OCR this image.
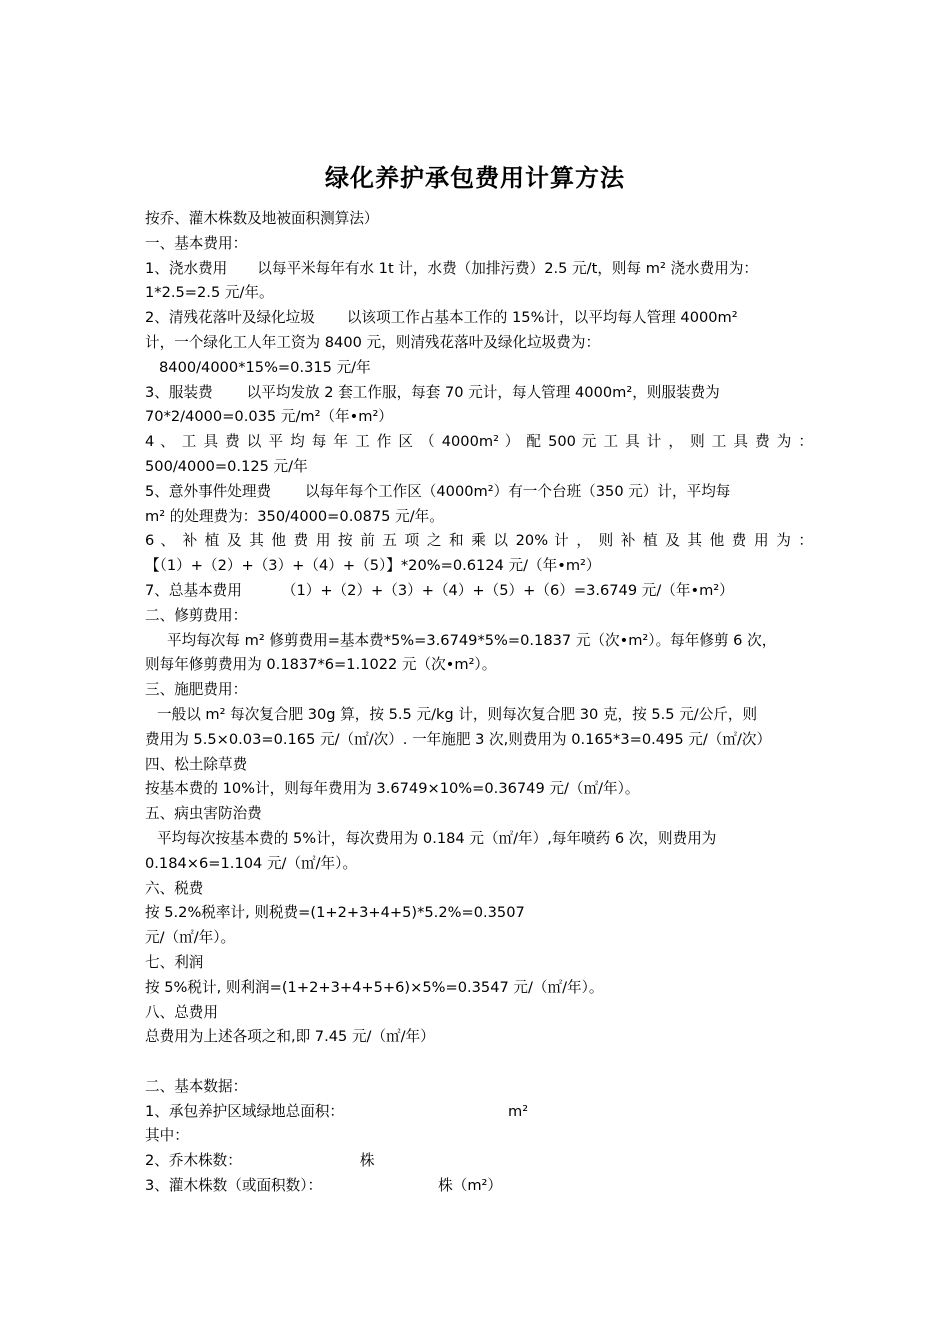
绿化养护承包费用计算方法
按乔、灌木株数及地被面积测算法）
一、基本费用：
1、浇水费用 以每平米每年有水 1t 计，水费（加排污费）2.5 元/t，则每 m² 浇水费用为：
1*2.5=2.5 元/年。
2、清残花落叶及绿化垃圾 以该项工作占基本工作的 15%计，以平均每人管理 4000m²
计，一个绿化工人年工资为 8400 元，则清残花落叶及绿化垃圾费为：
8400/4000*15%=0.315 元/年
3、服装费 以平均发放 2 套工作服，每套 70 元计，每人管理 4000m²，则服装费为
70*2/4000=0.035 元/m²（年•m²）
4 、 工 具 费 以 平 均 每 年 工 作 区 （ 4000m² ） 配 500 元 工 具 计 ， 则 工 具 费 为 ：
500/4000=0.125 元/年
5、意外事件处理费 以每年每个工作区（4000m²）有一个台班（350 元）计，平均每
m² 的处理费为：350/4000=0.0875 元/年。
6 、 补 植 及 其 他 费 用 按 前 五 项 之 和 乘 以 20% 计 ， 则 补 植 及 其 他 费 用 为 ：
【（1）+（2）+（3）+（4）+（5）】*20%=0.6124 元/（年•m²）
7、总基本费用	（1）+（2）+（3）+（4）+（5）+（6）=3.6749 元/（年•m²）
二、修剪费用：
平均每次每 m² 修剪费用=基本费*5%=3.6749*5%=0.1837 元（次•m²）。每年修剪 6 次，
则每年修剪费用为 0.1837*6=1.1022 元（次•m²）。
三、施肥费用：
一般以 m² 每次复合肥 30g 算，按 5.5 元/kg 计，则每次复合肥 30 克，按 5.5 元/公斤，则
费用为 5.5×0.03=0.165 元/（㎡/次）. 一年施肥 3 次,则费用为 0.165*3=0.495 元/（㎡/次）
四、松土除草费
按基本费的 10%计，则每年费用为 3.6749×10%=0.36749 元/（㎡/年）。
五、病虫害防治费
平均每次按基本费的 5%计，每次费用为 0.184 元（㎡/年）,每年喷药 6 次，则费用为
0.184×6=1.104 元/（㎡/年）。
六、税费
按 5.2%税率计, 则税费=(1+2+3+4+5)*5.2%=0.3507
元/（㎡/年）。
七、利润
按 5%税计, 则利润=(1+2+3+4+5+6)×5%=0.3547 元/（㎡/年）。
八、总费用
总费用为上述各项之和,即 7.45 元/（㎡/年）
二、基本数据：
1、承包养护区域绿地总面积：	m²
其中：
2、乔木株数：	株
3、灌木株数（或面积数）：	株（m²）
